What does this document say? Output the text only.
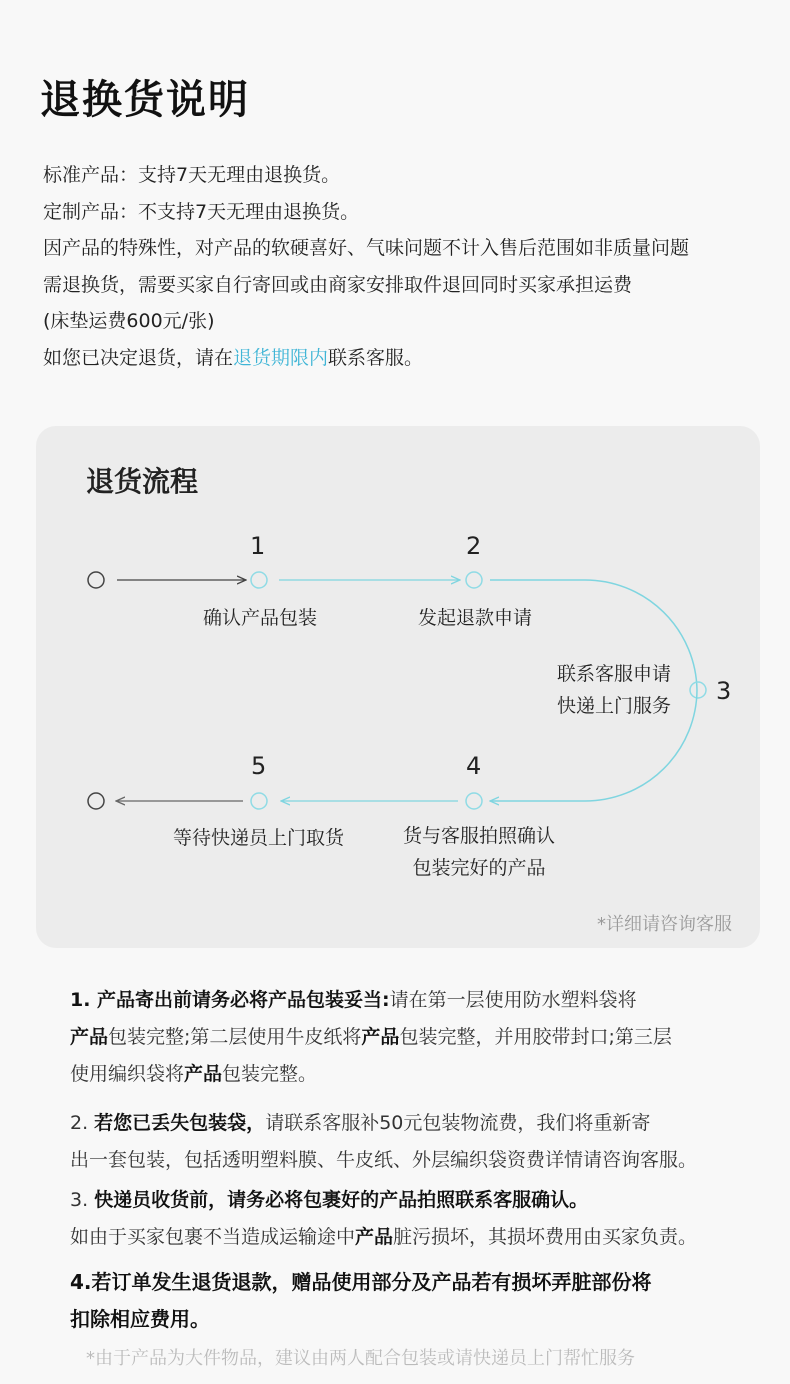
退换货说明

标准产品：支持7天无理由退换货。

定制产品：不支持7天无理由退换货。

因产品的特殊性，对产品的软硬喜好、气味问题不计入售后范围如非质量问题

需退换货，需要买家自行寄回或由商家安排取件退回同时买家承担运费

(床垫运费600元/张)

如您已决定退货，请在退货期限内联系客服。

退货流程
1
确认产品包装
2
发起退款申请
3
联系客服申请
快递上门服务
4
货与客服拍照确认
包装完好的产品
5
等待快递员上门取货
*详细请咨询客服

1. 产品寄出前请务必将产品包装妥当:请在第一层使用防水塑料袋将

产品包装完整;第二层使用牛皮纸将产品包装完整，并用胶带封口;第三层

使用编织袋将产品包装完整。

2. 若您已丢失包装袋，请联系客服补50元包装物流费，我们将重新寄

出一套包装，包括透明塑料膜、牛皮纸、外层编织袋资费详情请咨询客服。

3. 快递员收货前，请务必将包裹好的产品拍照联系客服确认。

如由于买家包裹不当造成运输途中产品脏污损坏，其损坏费用由买家负责。

4.若订单发生退货退款，赠品使用部分及产品若有损坏弄脏部份将

扣除相应费用。

*由于产品为大件物品，建议由两人配合包装或请快递员上门帮忙服务
